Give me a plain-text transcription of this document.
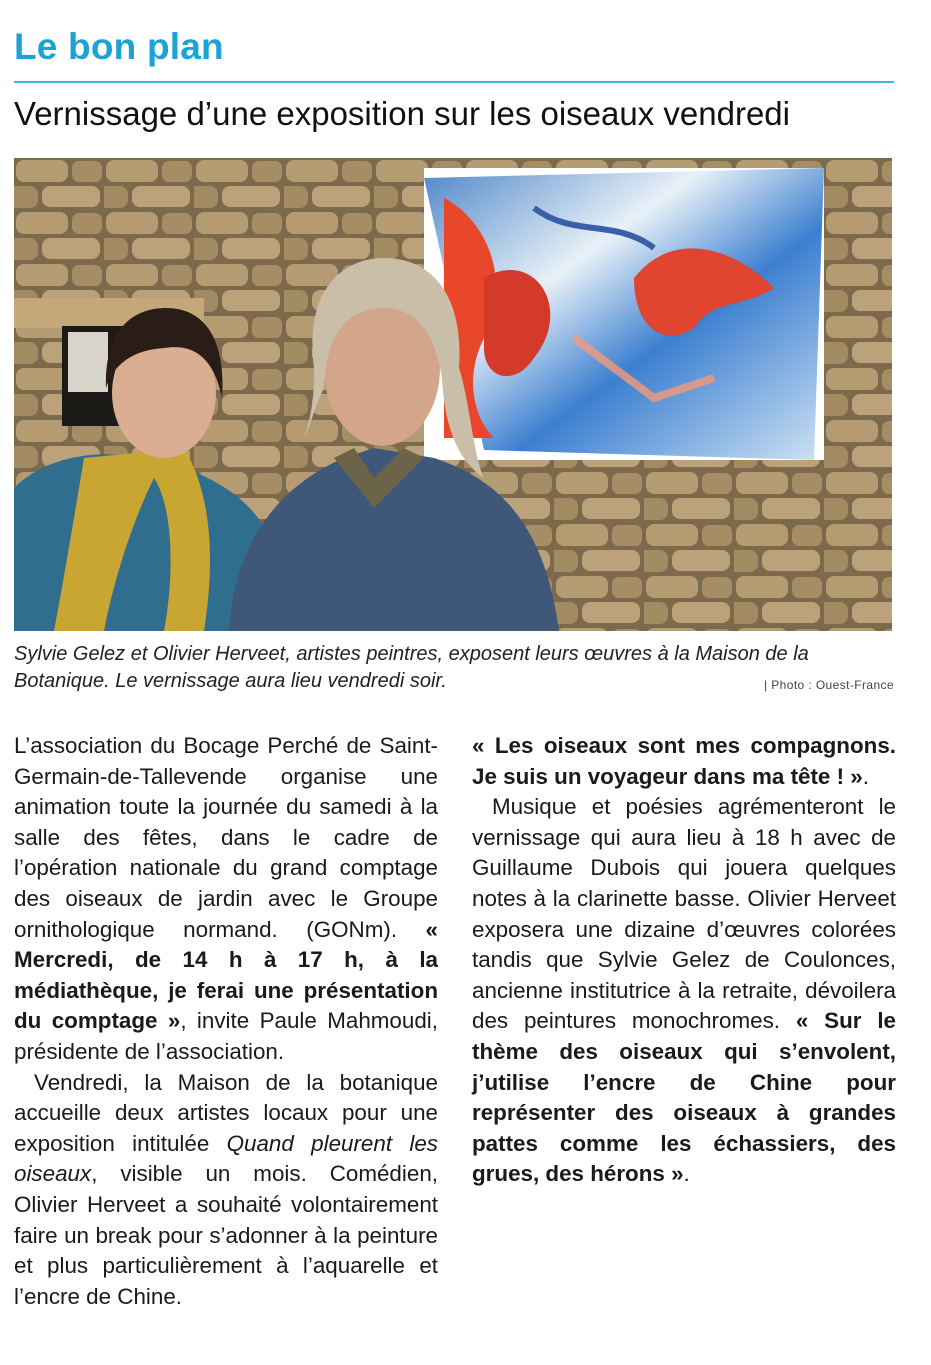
Le bon plan
Vernissage d’une exposition sur les oiseaux vendredi
Sylvie Gelez et Olivier Herveet, artistes peintres, exposent leurs œuvres à la Maison de la Botanique. Le vernissage aura lieu vendredi soir.	| Photo : Ouest-France

L’association du Bocage Perché de Saint-Germain-de-Tallevende organise une animation toute la journée du samedi à la salle des fêtes, dans le cadre de l’opération nationale du grand comptage des oiseaux de jardin avec le Groupe ornithologique normand. (GONm). « Mercredi, de 14 h à 17 h, à la médiathèque, je ferai une présentation du comptage », invite Paule Mahmoudi, présidente de l’association.

Vendredi, la Maison de la botanique accueille deux artistes locaux pour une exposition intitulée Quand pleurent les oiseaux, visible un mois. Comédien, Olivier Herveet a souhaité volontairement faire un break pour s’adonner à la peinture et plus particulièrement à l’aquarelle et l’encre de Chine.

« Les oiseaux sont mes compagnons. Je suis un voyageur dans ma tête ! ».

Musique et poésies agrémenteront le vernissage qui aura lieu à 18 h avec de Guillaume Dubois qui jouera quelques notes à la clarinette basse. Olivier Herveet exposera une dizaine d’œuvres colorées tandis que Sylvie Gelez de Coulonces, ancienne institutrice à la retraite, dévoilera des peintures monochromes. « Sur le thème des oiseaux qui s’envolent, j’utilise l’encre de Chine pour représenter des oiseaux à grandes pattes comme les échassiers, des grues, des hérons ».
